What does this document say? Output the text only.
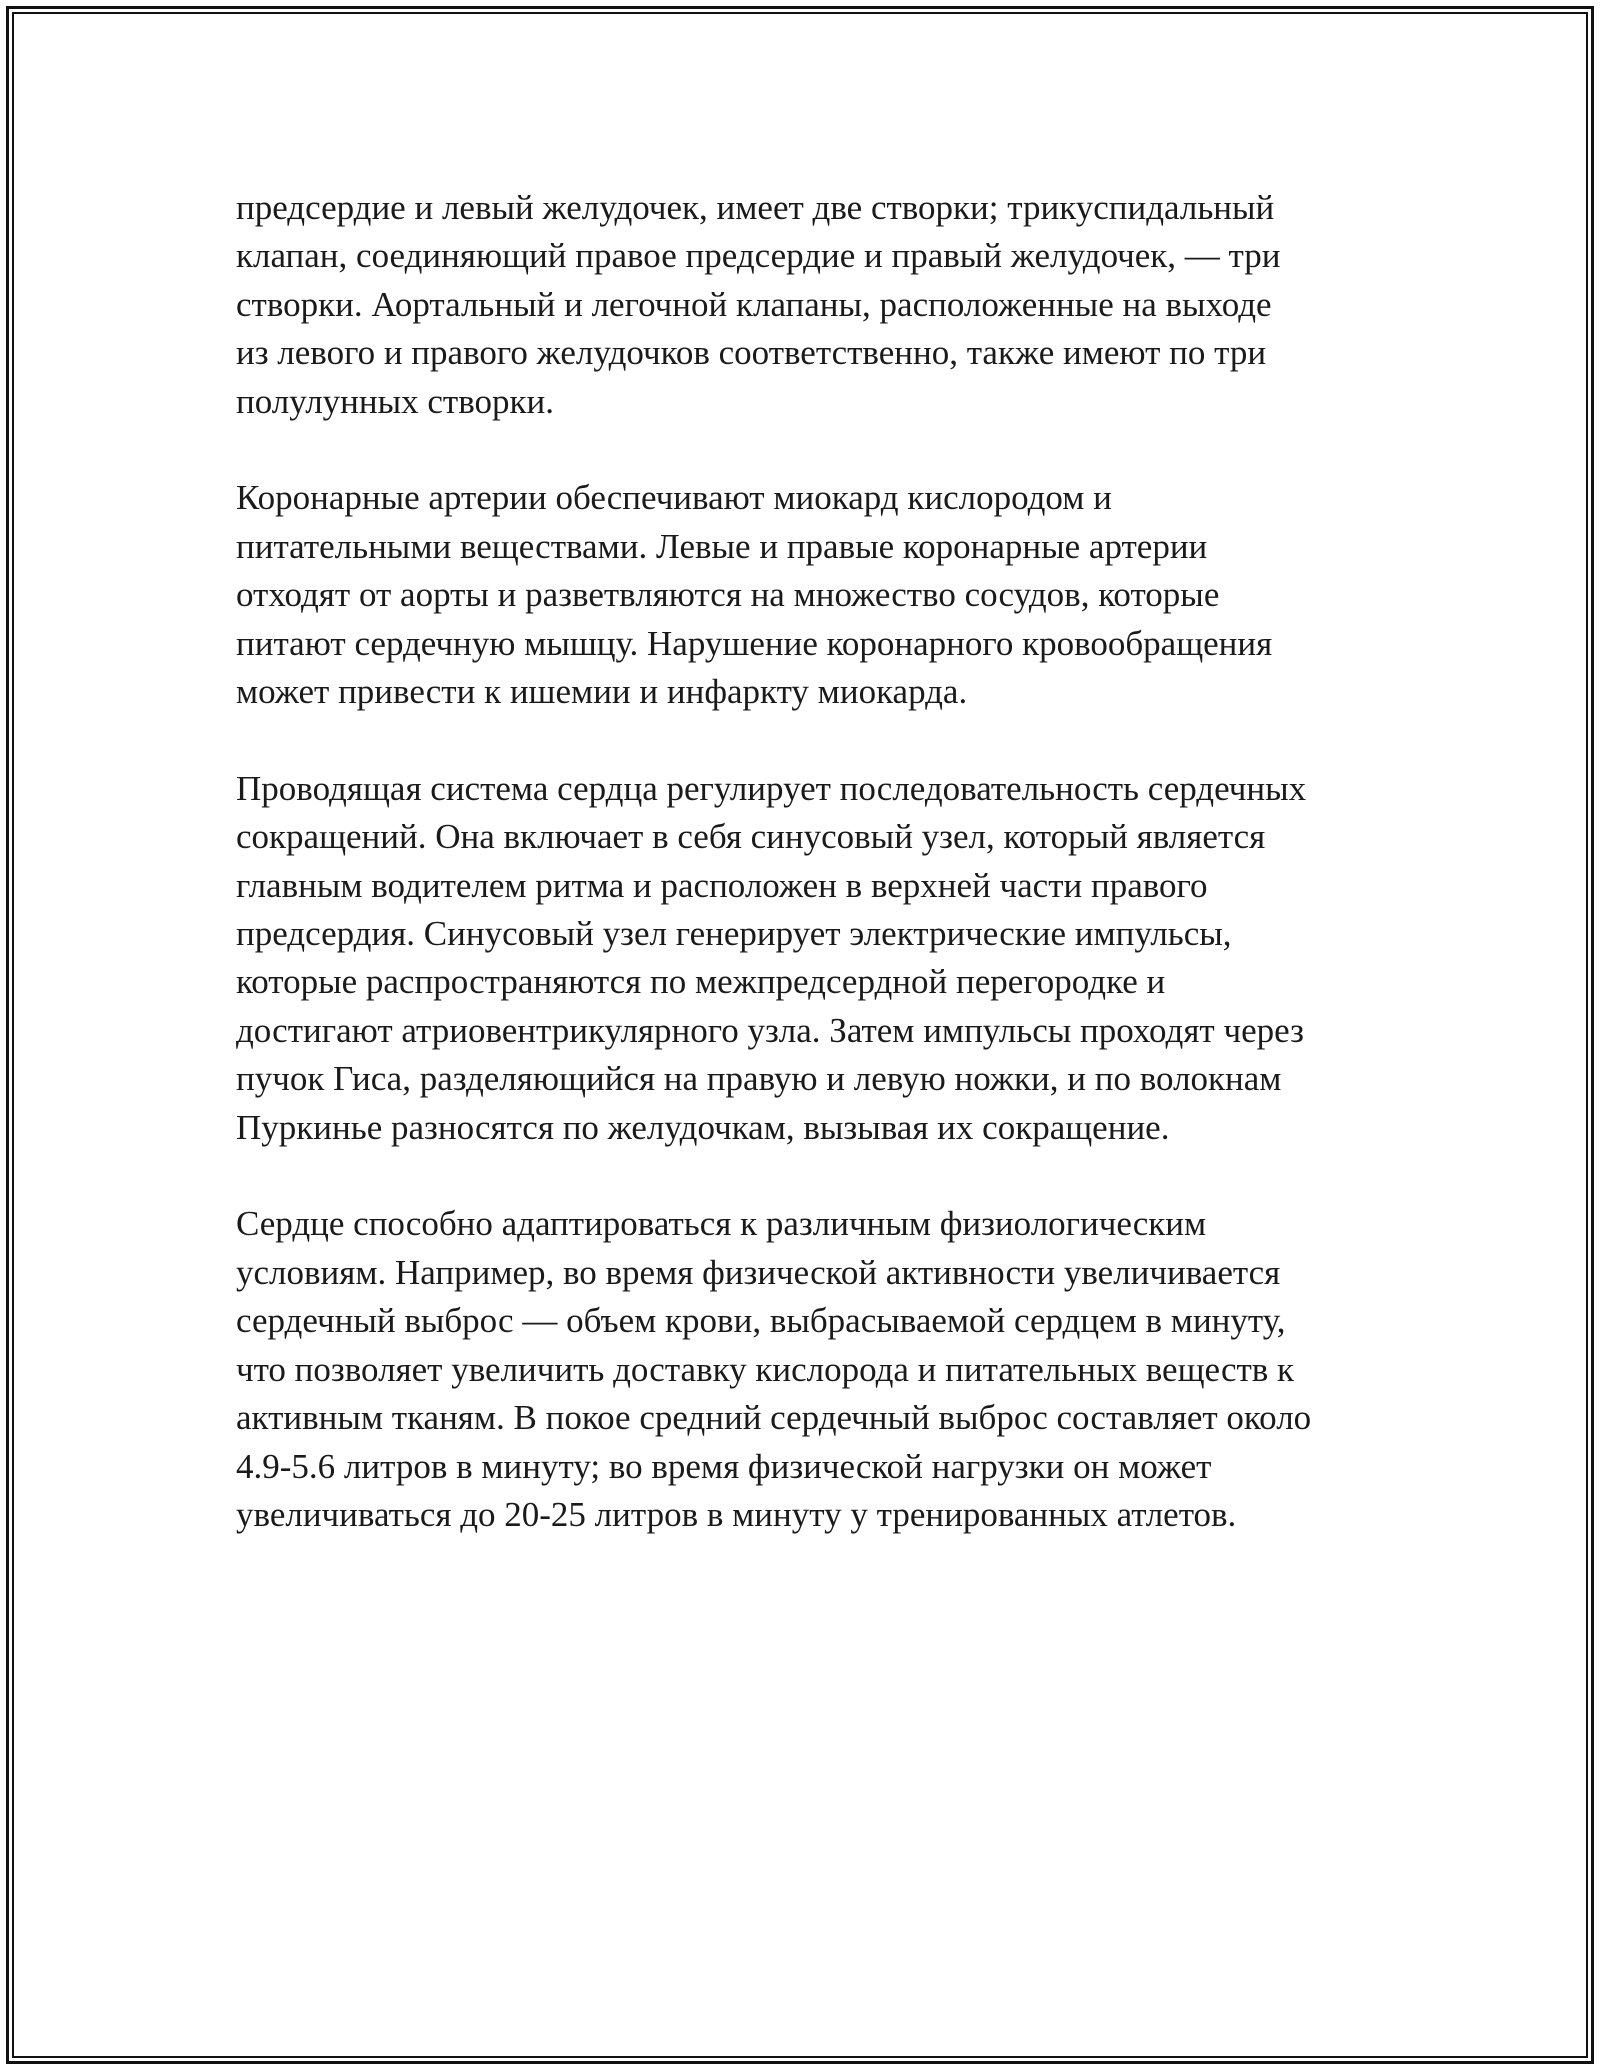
предсердие и левый желудочек, имеет две створки; трикуспидальный
клапан, соединяющий правое предсердие и правый желудочек, — три
створки. Аортальный и легочной клапаны, расположенные на выходе
из левого и правого желудочков соответственно, также имеют по три
полулунных створки.

Коронарные артерии обеспечивают миокард кислородом и
питательными веществами. Левые и правые коронарные артерии
отходят от аорты и разветвляются на множество сосудов, которые
питают сердечную мышцу. Нарушение коронарного кровообращения
может привести к ишемии и инфаркту миокарда.

Проводящая система сердца регулирует последовательность сердечных
сокращений. Она включает в себя синусовый узел, который является
главным водителем ритма и расположен в верхней части правого
предсердия. Синусовый узел генерирует электрические импульсы,
которые распространяются по межпредсердной перегородке и
достигают атриовентрикулярного узла. Затем импульсы проходят через
пучок Гиса, разделяющийся на правую и левую ножки, и по волокнам
Пуркинье разносятся по желудочкам, вызывая их сокращение.

Сердце способно адаптироваться к различным физиологическим
условиям. Например, во время физической активности увеличивается
сердечный выброс — объем крови, выбрасываемой сердцем в минуту,
что позволяет увеличить доставку кислорода и питательных веществ к
активным тканям. В покое средний сердечный выброс составляет около
4.9-5.6 литров в минуту; во время физической нагрузки он может
увеличиваться до 20-25 литров в минуту у тренированных атлетов.
